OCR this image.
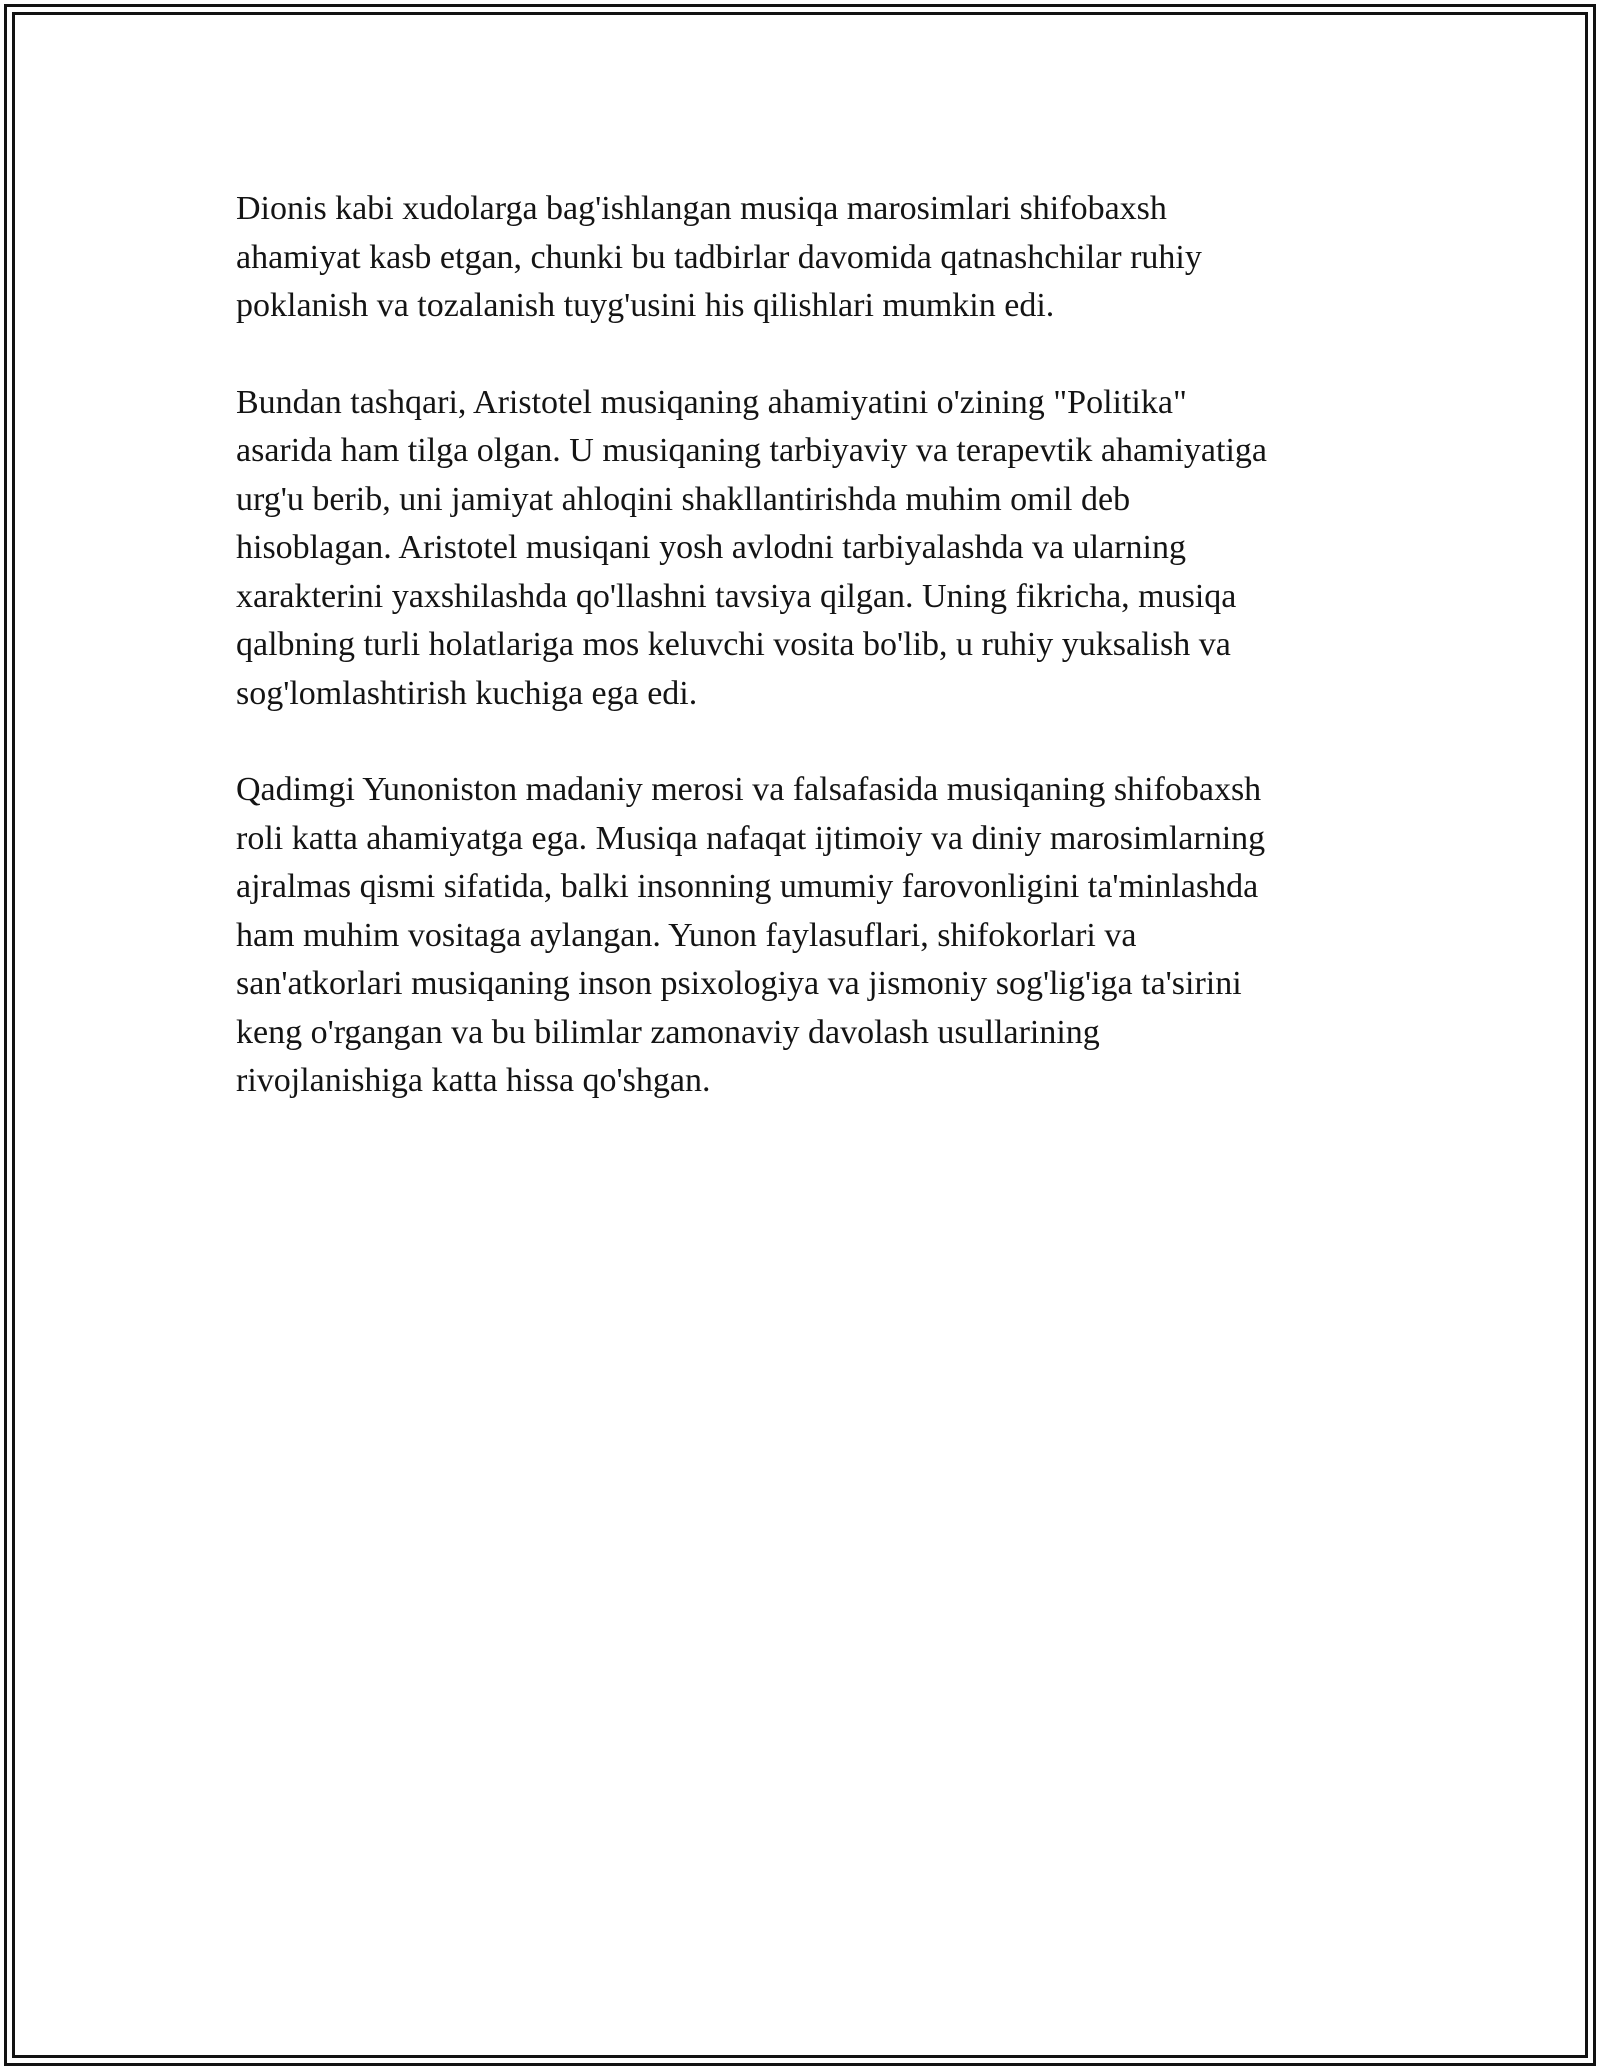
Dionis kabi xudolarga bag'ishlangan musiqa marosimlari shifobaxsh
ahamiyat kasb etgan, chunki bu tadbirlar davomida qatnashchilar ruhiy
poklanish va tozalanish tuyg'usini his qilishlari mumkin edi.

Bundan tashqari, Aristotel musiqaning ahamiyatini o'zining "Politika"
asarida ham tilga olgan. U musiqaning tarbiyaviy va terapevtik ahamiyatiga
urg'u berib, uni jamiyat ahloqini shakllantirishda muhim omil deb
hisoblagan. Aristotel musiqani yosh avlodni tarbiyalashda va ularning
xarakterini yaxshilashda qo'llashni tavsiya qilgan. Uning fikricha, musiqa
qalbning turli holatlariga mos keluvchi vosita bo'lib, u ruhiy yuksalish va
sog'lomlashtirish kuchiga ega edi.

Qadimgi Yunoniston madaniy merosi va falsafasida musiqaning shifobaxsh
roli katta ahamiyatga ega. Musiqa nafaqat ijtimoiy va diniy marosimlarning
ajralmas qismi sifatida, balki insonning umumiy farovonligini ta'minlashda
ham muhim vositaga aylangan. Yunon faylasuflari, shifokorlari va
san'atkorlari musiqaning inson psixologiya va jismoniy sog'lig'iga ta'sirini
keng o'rgangan va bu bilimlar zamonaviy davolash usullarining
rivojlanishiga katta hissa qo'shgan.
